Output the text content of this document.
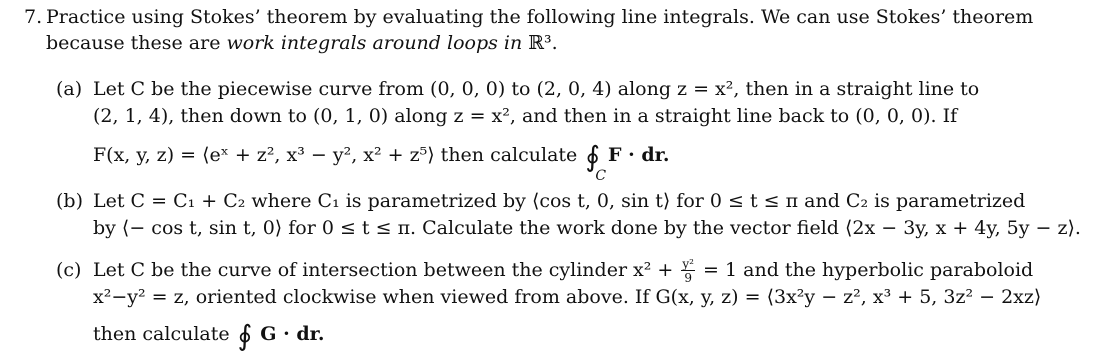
7. Practice using Stokes’ theorem by evaluating the following line integrals. We can use Stokes’ theorem
because these are work integrals around loops in ℝ³.
(a) Let C be the piecewise curve from (0, 0, 0) to (2, 0, 4) along z = x², then in a straight line to
(2, 1, 4), then down to (0, 1, 0) along z = x², and then in a straight line back to (0, 0, 0). If
F(x, y, z) = ⟨eˣ + z², x³ − y², x² + z⁵⟩ then calculate ∮
C
F · dr.
(b) Let C = C₁ + C₂ where C₁ is parametrized by ⟨cos t, 0, sin t⟩ for 0 ≤ t ≤ π and C₂ is parametrized
by ⟨− cos t, sin t, 0⟩ for 0 ≤ t ≤ π. Calculate the work done by the vector field ⟨2x − 3y, x + 4y, 5y − z⟩.
(c) Let C be the curve of intersection between the cylinder $x^2 + \frac{\text{y²}}{9} = 1$ and the hyperbolic paraboloid
x²−y² = z, oriented clockwise when viewed from above. If G(x, y, z) = ⟨3x²y − z², x³ + 5, 3z² − 2xz⟩
then calculate ∮ G · dr.
